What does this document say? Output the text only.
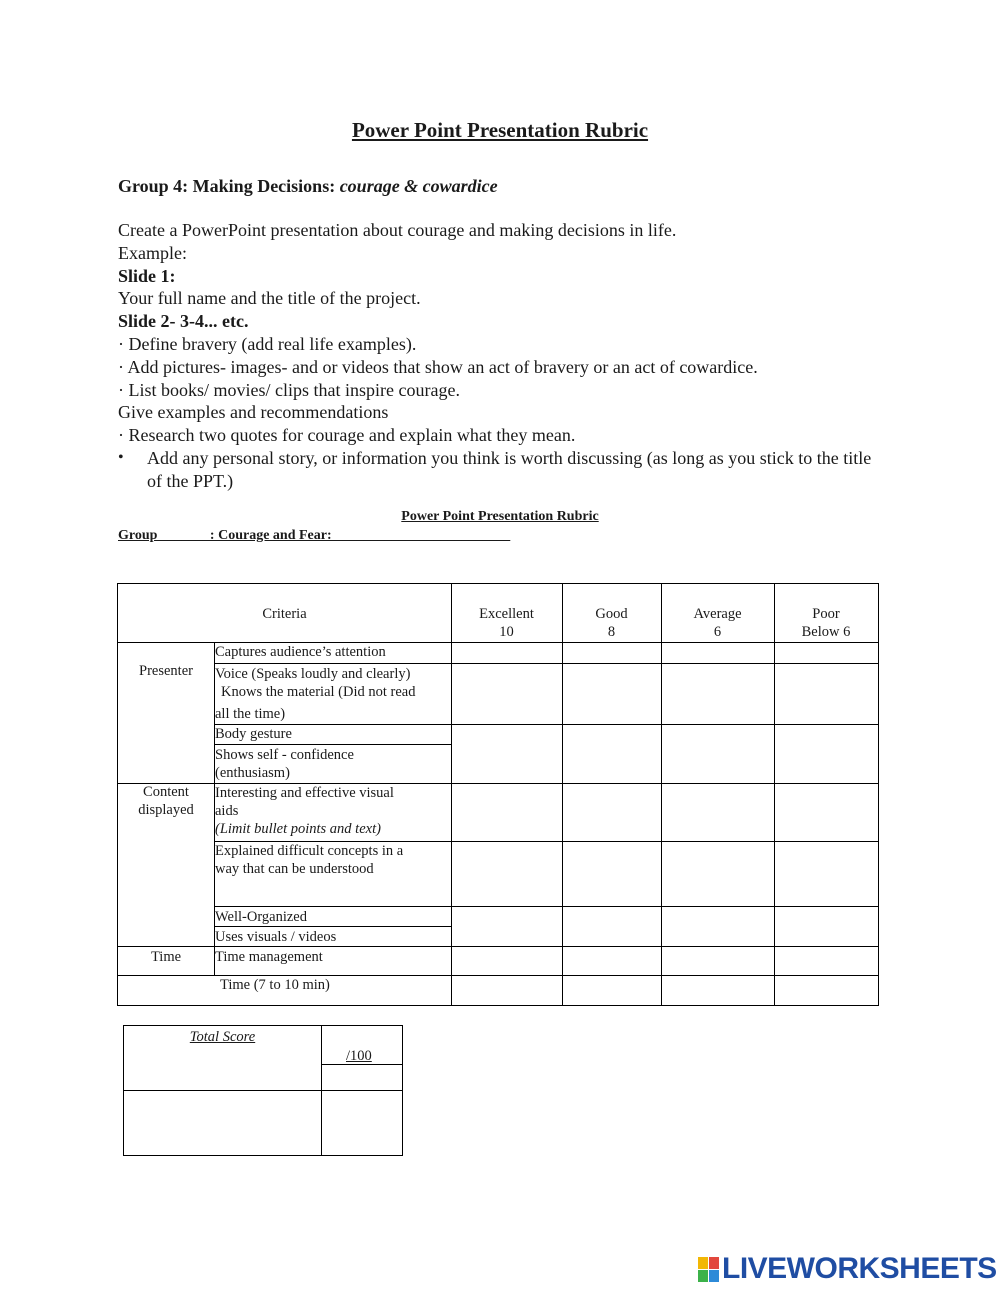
Power Point Presentation Rubric
Group 4: Making Decisions: courage & cowardice
Create a PowerPoint presentation about courage and making decisions in life.
Example:
Slide 1:
Your full name and the title of the project.
Slide 2- 3-4... etc.
· Define bravery (add real life examples).
· Add pictures- images- and or videos that show an act of bravery or an act of cowardice.
· List books/ movies/ clips that inspire courage.
Give examples and recommendations
· Research two quotes for courage and explain what they mean.
•	Add any personal story, or information you think is worth discussing (as long as you stick to the title of the PPT.)
Power Point Presentation Rubric
Group _______: Courage and Fear: _________________________
Criteria	Excellent
10
Good
8
Average
6
Poor
Below 6
Presenter
Content
displayed
Time
Time (7 to 10 min)
Captures audience’s attention
Voice (Speaks loudly and clearly)
Knows the material (Did not read
all the time)
Body gesture
Shows self - confidence
(enthusiasm)
Interesting and effective visual
aids
(Limit bullet points and text)
Explained difficult concepts in a
way that can be understood
Well-Organized
Uses visuals / videos
Time management
Total Score
/100
LIVEWORKSHEETS
